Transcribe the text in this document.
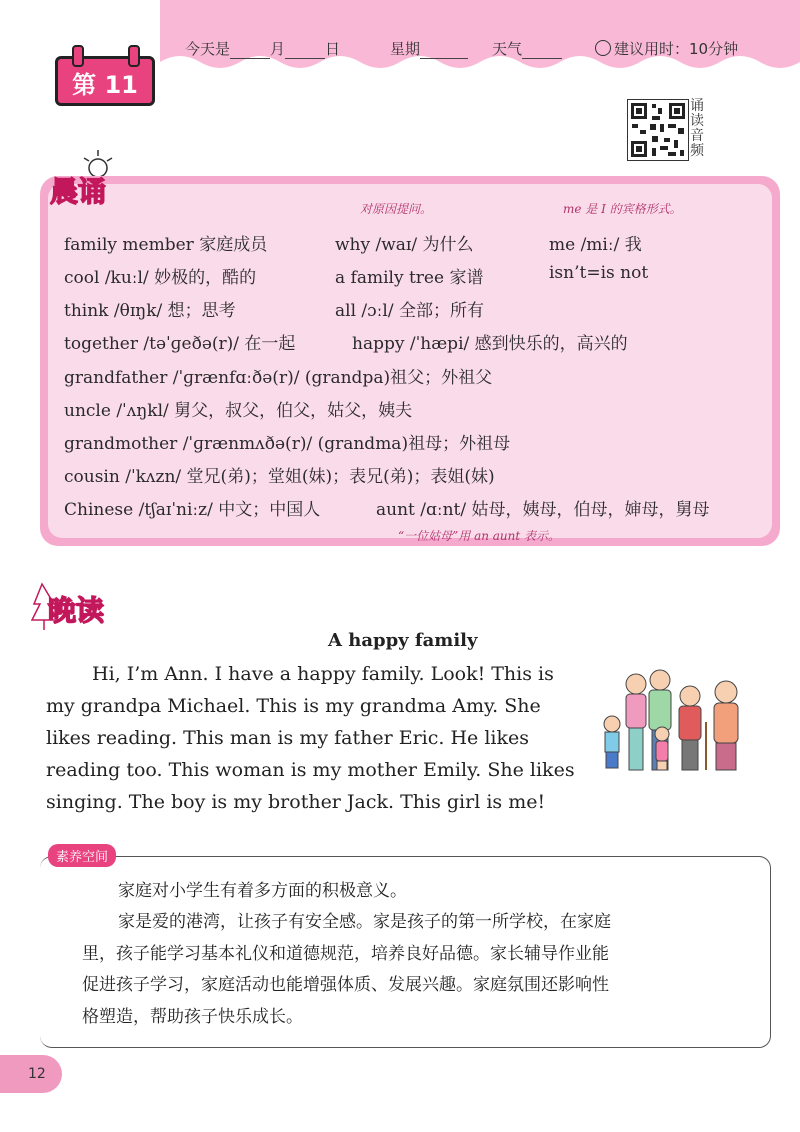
第 11 天
今天是	月	日	星期	天气	建议用时：10分钟
诵读音频
晨诵
对原因提问。	me 是 I 的宾格形式。
family member 家庭成员	why /waɪ/ 为什么	me /miː/ 我
cool /kuːl/ 妙极的，酷的	a family tree 家谱	isn’t=is not
think /θɪŋk/ 想；思考	all /ɔːl/ 全部；所有
together /təˈɡeðə(r)/ 在一起	happy /ˈhæpi/ 感到快乐的，高兴的
grandfather /ˈɡrænfɑːðə(r)/ (grandpa)祖父；外祖父
uncle /ˈʌŋkl/ 舅父，叔父，伯父，姑父，姨夫
grandmother /ˈɡrænmʌðə(r)/ (grandma)祖母；外祖母
cousin /ˈkʌzn/ 堂兄(弟)；堂姐(妹)；表兄(弟)；表姐(妹)
Chinese /tʃaɪˈniːz/ 中文；中国人	aunt /ɑːnt/ 姑母，姨母，伯母，婶母，舅母
“一位姑母”用 an aunt 表示。
晚读
A happy family
Hi, I’m Ann. I have a happy family. Look! This is
my grandpa Michael. This is my grandma Amy. She
likes reading. This man is my father Eric. He likes
reading too. This woman is my mother Emily. She likes
singing. The boy is my brother Jack. This girl is me!
素养空间
家庭对小学生有着多方面的积极意义。
家是爱的港湾，让孩子有安全感。家是孩子的第一所学校，在家庭
里，孩子能学习基本礼仪和道德规范，培养良好品德。家长辅导作业能
促进孩子学习，家庭活动也能增强体质、发展兴趣。家庭氛围还影响性
格塑造，帮助孩子快乐成长。
12
